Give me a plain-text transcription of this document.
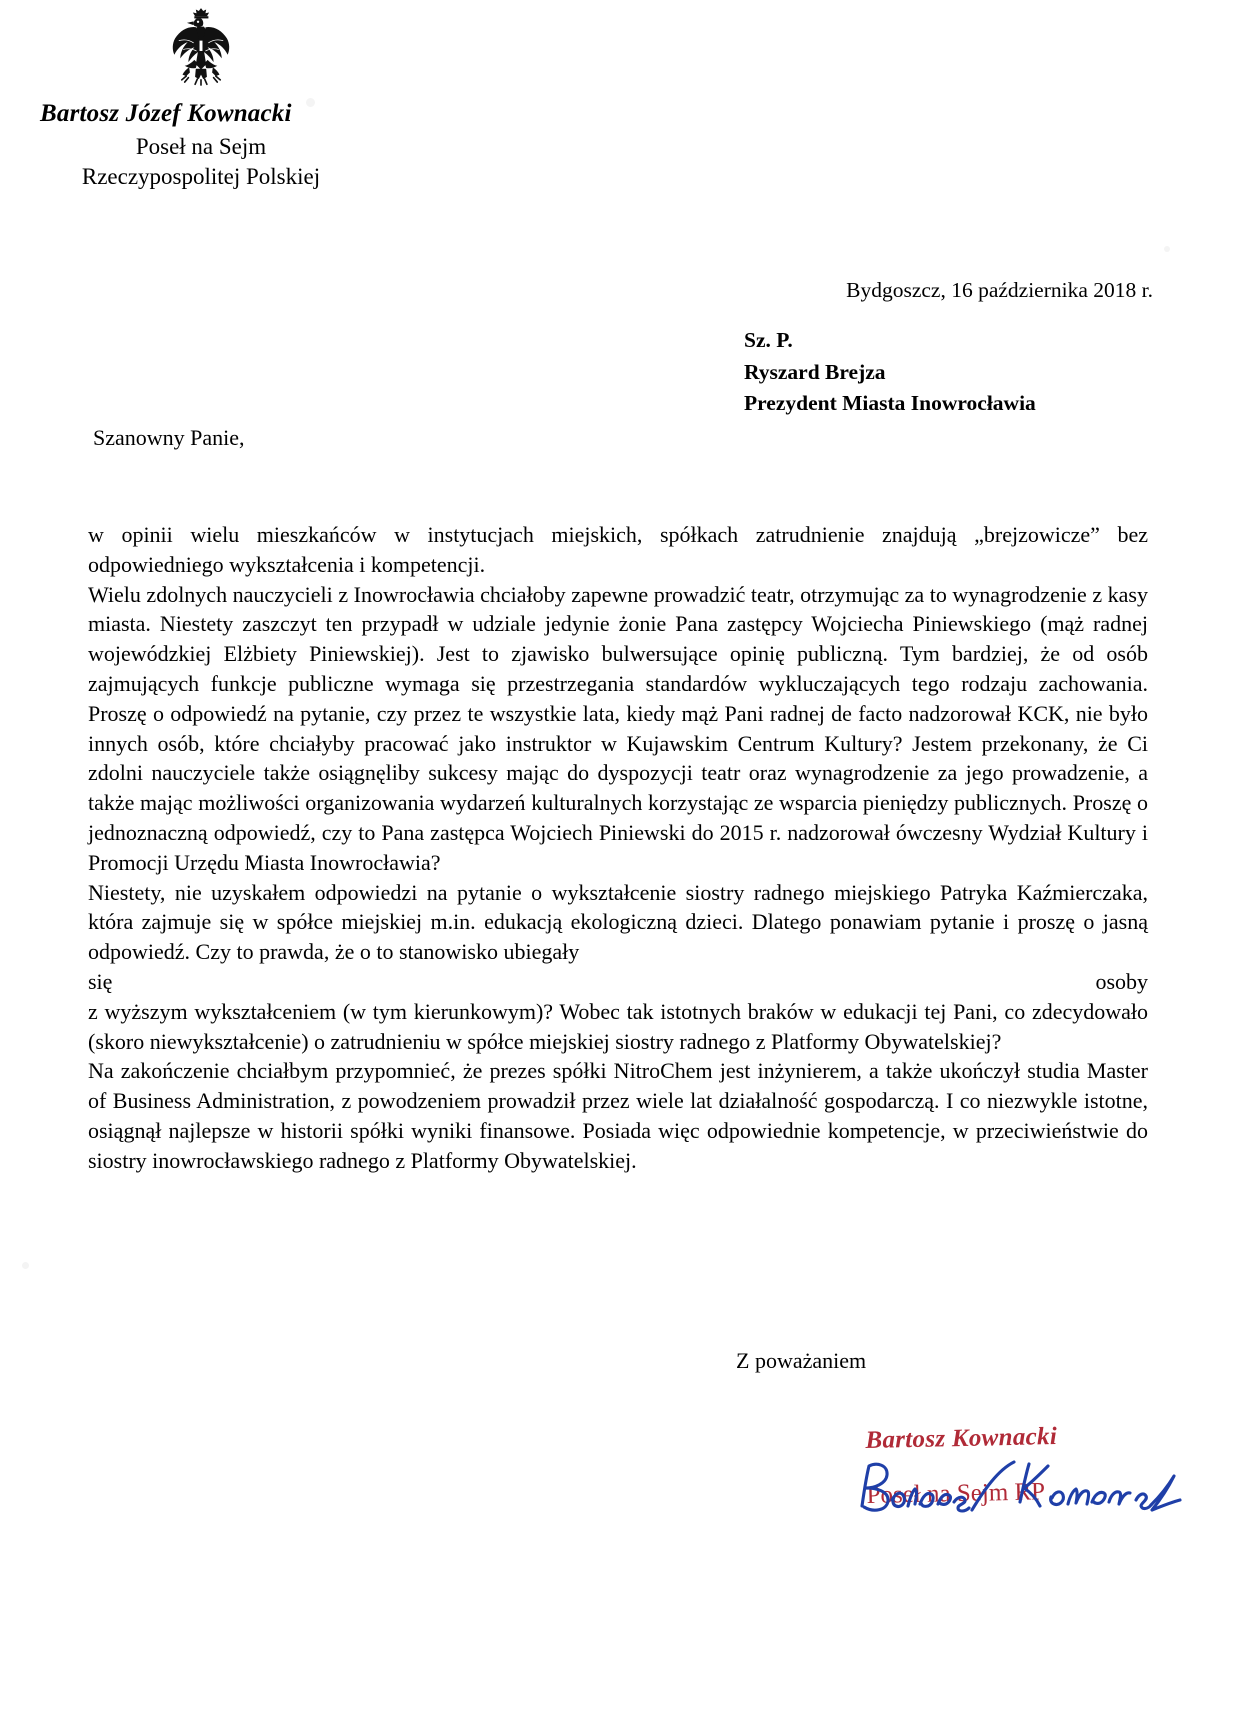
Bartosz Józef Kownacki
Poseł na Sejm
Rzeczypospolitej Polskiej
Bydgoszcz, 16 października 2018 r.
Sz. P.
Ryszard Brejza
Prezydent Miasta Inowrocławia
Szanowny Panie,

w opinii wielu mieszkańców w instytucjach miejskich, spółkach zatrudnienie znajdują „brejzowicze” bez odpowiedniego wykształcenia i kompetencji.

Wielu zdolnych nauczycieli z Inowrocławia chciałoby zapewne prowadzić teatr, otrzymując za to wynagrodzenie z kasy miasta. Niestety zaszczyt ten przypadł w udziale jedynie żonie Pana zastępcy Wojciecha Piniewskiego (mąż radnej wojewódzkiej Elżbiety Piniewskiej). Jest to zjawisko bulwersujące opinię publiczną. Tym bardziej, że od osób zajmujących funkcje publiczne wymaga się przestrzegania standardów wykluczających tego rodzaju zachowania. Proszę o odpowiedź na pytanie, czy przez te wszystkie lata, kiedy mąż Pani radnej de facto nadzorował KCK, nie było innych osób, które chciałyby pracować jako instruktor w Kujawskim Centrum Kultury? Jestem przekonany, że Ci zdolni nauczyciele także osiągnęliby sukcesy mając do dyspozycji teatr oraz wynagrodzenie za jego prowadzenie, a także mając możliwości organizowania wydarzeń kulturalnych korzystając ze wsparcia pieniędzy publicznych. Proszę o jednoznaczną odpowiedź, czy to Pana zastępca Wojciech Piniewski do 2015 r. nadzorował ówczesny Wydział Kultury i Promocji Urzędu Miasta Inowrocławia?

Niestety, nie uzyskałem odpowiedzi na pytanie o wykształcenie siostry radnego miejskiego Patryka Kaźmierczaka, która zajmuje się w spółce miejskiej m.in. edukacją ekologiczną dzieci. Dlatego ponawiam pytanie i proszę o jasną odpowiedź. Czy to prawda, że o to stanowisko ubiegały

się	osoby

z wyższym wykształceniem (w tym kierunkowym)? Wobec tak istotnych braków w edukacji tej Pani, co zdecydowało (skoro niewykształcenie) o zatrudnieniu w spółce miejskiej siostry radnego z Platformy Obywatelskiej?

Na zakończenie chciałbym przypomnieć, że prezes spółki NitroChem jest inżynierem, a także ukończył studia Master of Business Administration, z powodzeniem prowadził przez wiele lat działalność gospodarczą. I co niezwykle istotne, osiągnął najlepsze w historii spółki wyniki finansowe. Posiada więc odpowiednie kompetencje, w przeciwieństwie do siostry inowrocławskiego radnego z Platformy Obywatelskiej.

Z poważaniem
Bartosz Kownacki
Poseł na Sejm RP
